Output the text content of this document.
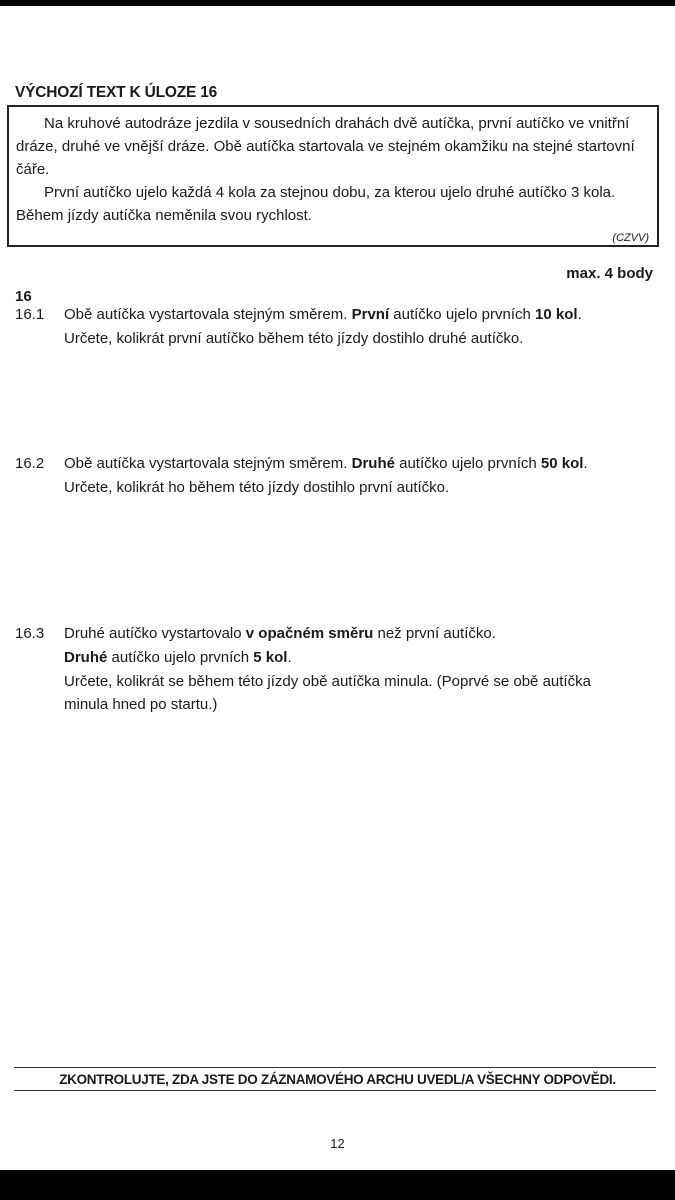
VÝCHOZÍ TEXT K ÚLOZE 16
Na kruhové autodráze jezdila v sousedních drahách dvě autíčka, první autíčko ve vnitřní
dráze, druhé ve vnější dráze. Obě autíčka startovala ve stejném okamžiku na stejné startovní
čáře.
První autíčko ujelo každá 4 kola za stejnou dobu, za kterou ujelo druhé autíčko 3 kola.
Během jízdy autíčka neměnila svou rychlost.
(CZVV)
max. 4 body
16
16.1 Obě autíčka vystartovala stejným směrem. První autíčko ujelo prvních 10 kol.
Určete, kolikrát první autíčko během této jízdy dostihlo druhé autíčko.
16.2 Obě autíčka vystartovala stejným směrem. Druhé autíčko ujelo prvních 50 kol.
Určete, kolikrát ho během této jízdy dostihlo první autíčko.
16.3 Druhé autíčko vystartovalo v opačném směru než první autíčko.
Druhé autíčko ujelo prvních 5 kol.
Určete, kolikrát se během této jízdy obě autíčka minula. (Poprvé se obě autíčka
minula hned po startu.)
ZKONTROLUJTE, ZDA JSTE DO ZÁZNAMOVÉHO ARCHU UVEDL/A VŠECHNY ODPOVĚDI.
12
